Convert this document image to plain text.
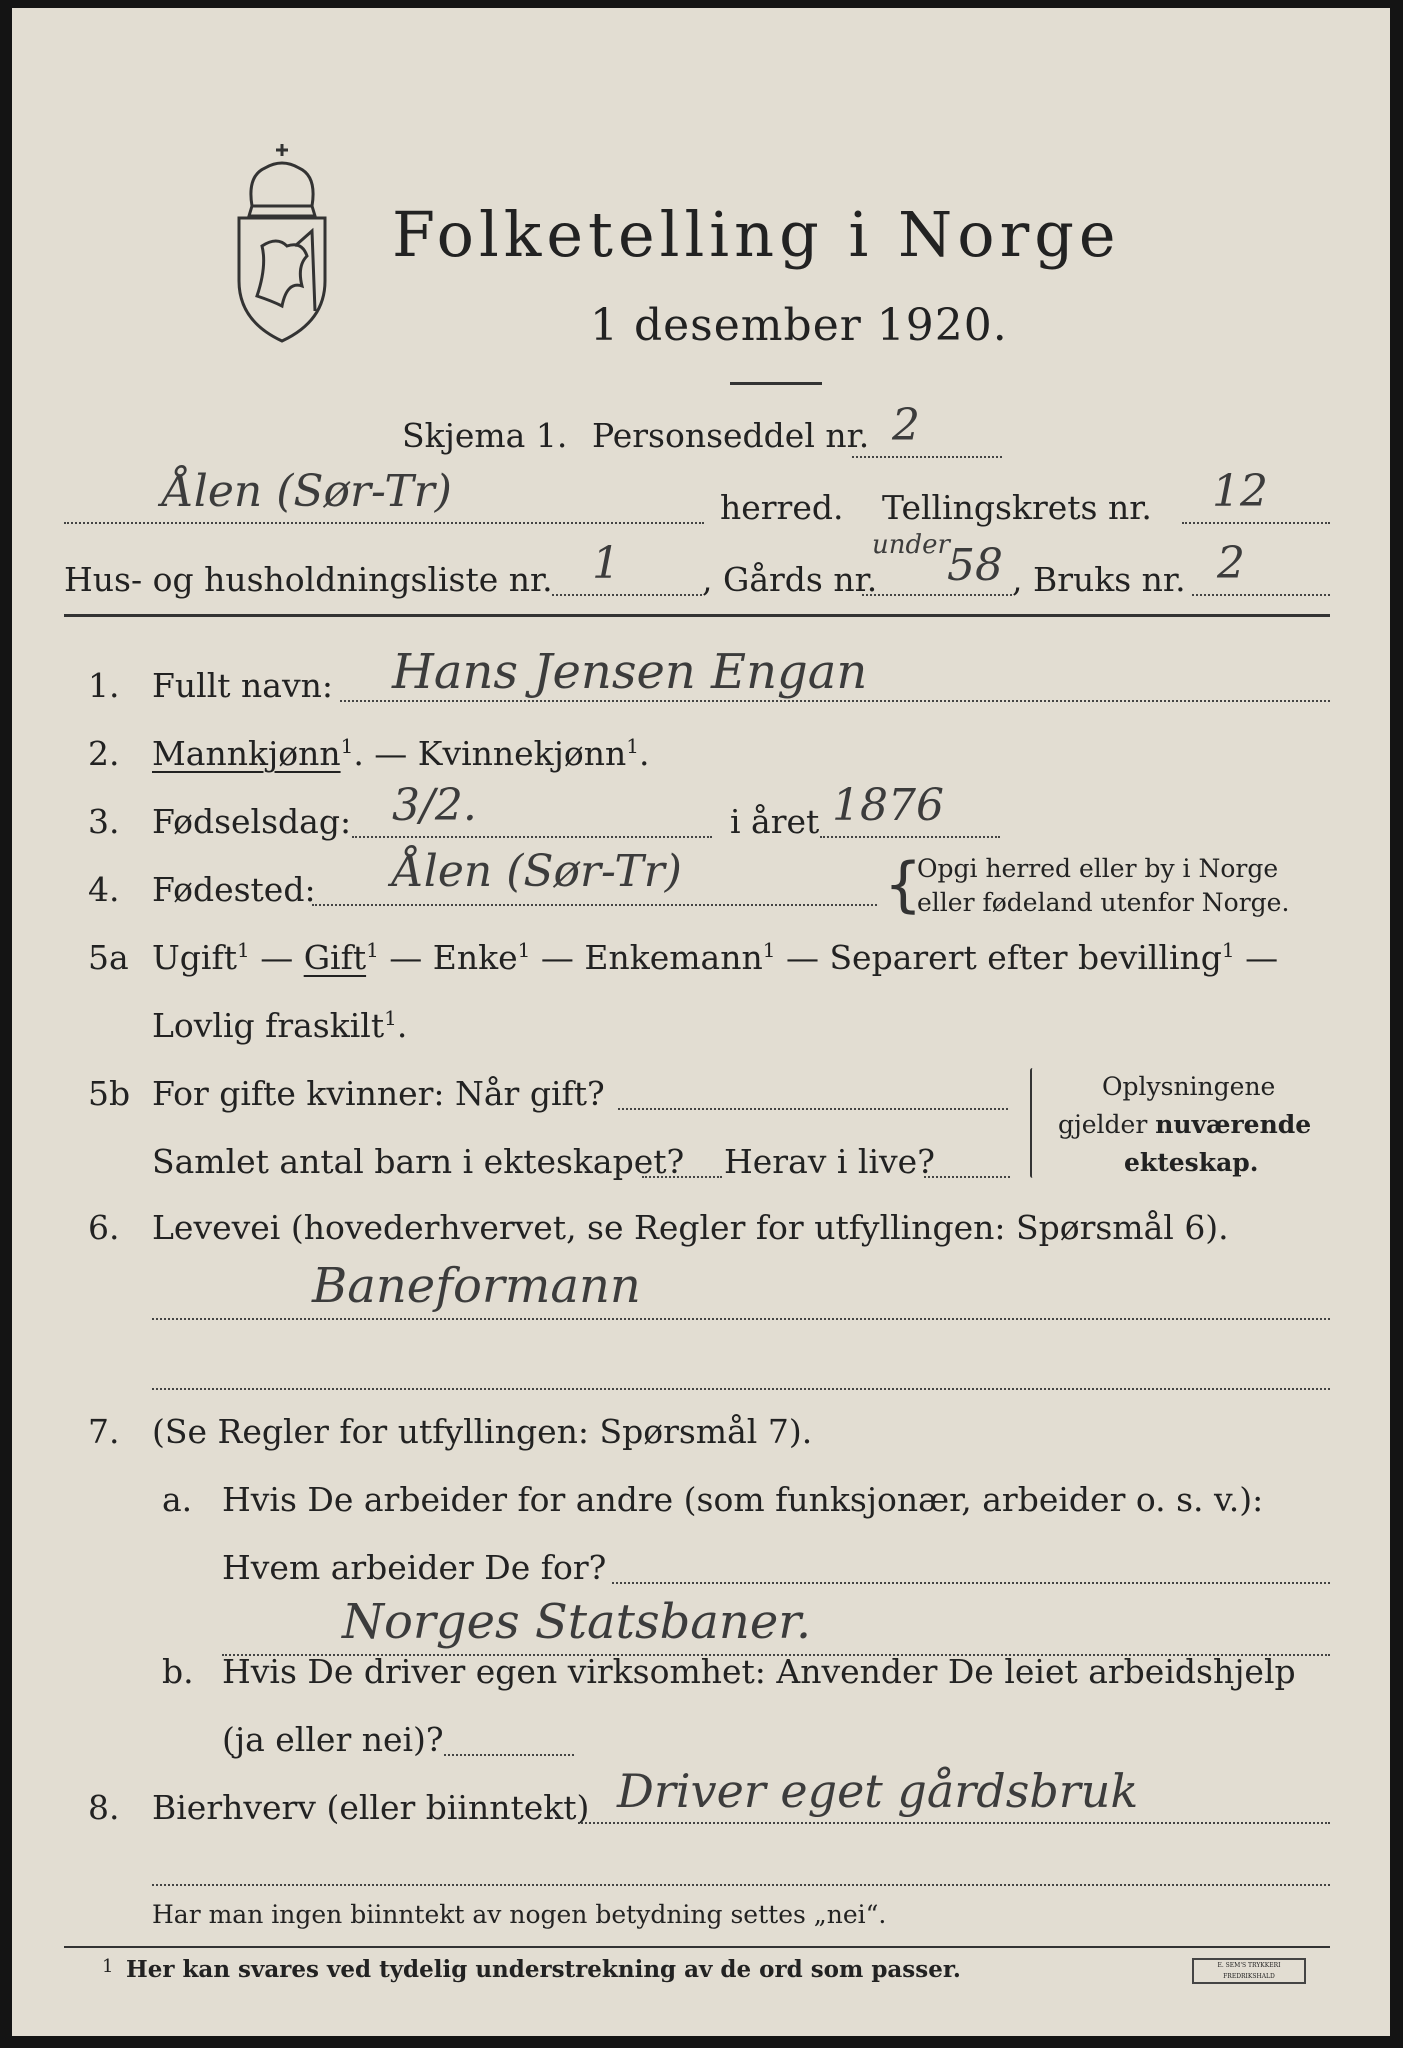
Folketelling i Norge
1 desember 1920.
Skjema 1. Personseddel nr. 2
Ålen (Sør-Tr)	herred. Tellingskrets nr. 12
Hus- og husholdningsliste nr. 1 , Gårds nr.
under
58 , Bruks nr. 2
1. Fullt navn: Hans Jensen Engan
2. Mannkjønn$^1$. — Kvinnekjønn$^1$.
3. Fødselsdag: 3/2.	i året 1876
4. Fødested: Ålen (Sør-Tr)	{
Opgi herred eller by i Norge
eller fødeland utenfor Norge.
5a Ugift$^1$ — Gift$^1$ — Enke$^1$ — Enkemann$^1$ — Separert efter bevilling$^1$ —
Lovlig fraskilt$^1$.
5b For gifte kvinner: Når gift?
Samlet antal barn i ekteskapet? Herav i live?
Oplysningene
gjelder nuværende
ekteskap.
6. Levevei (hovederhvervet, se Regler for utfyllingen: Spørsmål 6).
Baneformann
7. (Se Regler for utfyllingen: Spørsmål 7).
a. Hvis De arbeider for andre (som funksjonær, arbeider o. s. v.):
Hvem arbeider De for?
Norges Statsbaner.
b. Hvis De driver egen virksomhet: Anvender De leiet arbeidshjelp
(ja eller nei)?
8. Bierhverv (eller biinntekt) Driver eget gårdsbruk
Har man ingen biinntekt av nogen betydning settes „nei“.
1 Her kan svares ved tydelig understrekning av de ord som passer.	E. SEM'S TRYKKERI FREDRIKSHALD
